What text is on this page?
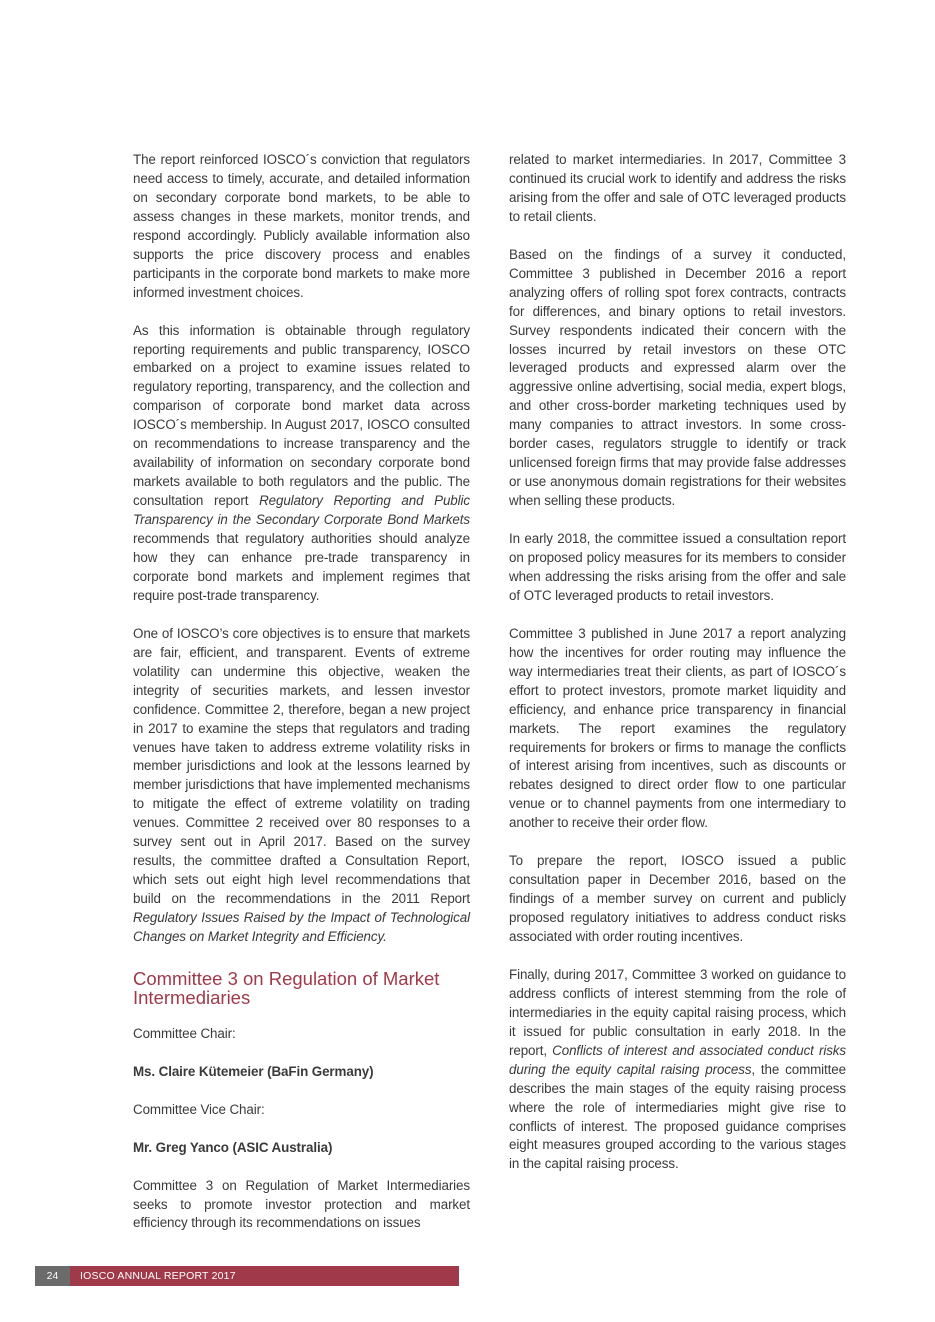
The report reinforced IOSCO´s conviction that regulators need access to timely, accurate, and detailed information on secondary corporate bond markets, to be able to assess changes in these markets, monitor trends, and respond accordingly. Publicly available information also supports the price discovery process and enables participants in the corporate bond markets to make more informed investment choices.

As this information is obtainable through regulatory reporting requirements and public transparency, IOSCO embarked on a project to examine issues related to regulatory reporting, transparency, and the collection and comparison of corporate bond market data across IOSCO´s membership. In August 2017, IOSCO consulted on recommendations to increase transparency and the availability of information on secondary corporate bond markets available to both regulators and the public. The consultation report Regulatory Reporting and Public Transparency in the Secondary Corporate Bond Markets recommends that regulatory authorities should analyze how they can enhance pre-trade transparency in corporate bond markets and implement regimes that require post-trade transparency.

One of IOSCO’s core objectives is to ensure that markets are fair, efficient, and transparent. Events of extreme volatility can undermine this objective, weaken the integrity of securities markets, and lessen investor confidence. Committee 2, therefore, began a new project in 2017 to examine the steps that regulators and trading venues have taken to address extreme volatility risks in member jurisdictions and look at the lessons learned by member jurisdictions that have implemented mechanisms to mitigate the effect of extreme volatility on trading venues. Committee 2 received over 80 responses to a survey sent out in April 2017. Based on the survey results, the committee drafted a Consultation Report, which sets out eight high level recommendations that build on the recommendations in the 2011 Report Regulatory Issues Raised by the Impact of Technological Changes on Market Integrity and Efficiency.

Committee 3 on Regulation of Market Intermediaries

Committee Chair:

Ms. Claire Kütemeier (BaFin Germany)

Committee Vice Chair:

Mr. Greg Yanco (ASIC Australia)

Committee 3 on Regulation of Market Intermediaries seeks to promote investor protection and market efficiency through its recommendations on issues

related to market intermediaries. In 2017, Committee 3 continued its crucial work to identify and address the risks arising from the offer and sale of OTC leveraged products to retail clients.

Based on the findings of a survey it conducted, Committee 3 published in December 2016 a report analyzing offers of rolling spot forex contracts, contracts for differences, and binary options to retail investors. Survey respondents indicated their concern with the losses incurred by retail investors on these OTC leveraged products and expressed alarm over the aggressive online advertising, social media, expert blogs, and other cross-border marketing techniques used by many companies to attract investors. In some cross-border cases, regulators struggle to identify or track unlicensed foreign firms that may provide false addresses or use anonymous domain registrations for their websites when selling these products.

In early 2018, the committee issued a consultation report on proposed policy measures for its members to consider when addressing the risks arising from the offer and sale of OTC leveraged products to retail investors.

Committee 3 published in June 2017 a report analyzing how the incentives for order routing may influence the way intermediaries treat their clients, as part of IOSCO´s effort to protect investors, promote market liquidity and efficiency, and enhance price transparency in financial markets. The report examines the regulatory requirements for brokers or firms to manage the conflicts of interest arising from incentives, such as discounts or rebates designed to direct order flow to one particular venue or to channel payments from one intermediary to another to receive their order flow.

To prepare the report, IOSCO issued a public consultation paper in December 2016, based on the findings of a member survey on current and publicly proposed regulatory initiatives to address conduct risks associated with order routing incentives.

Finally, during 2017, Committee 3 worked on guidance to address conflicts of interest stemming from the role of intermediaries in the equity capital raising process, which it issued for public consultation in early 2018. In the report, Conflicts of interest and associated conduct risks during the equity capital raising process, the committee describes the main stages of the equity raising process where the role of intermediaries might give rise to conflicts of interest. The proposed guidance comprises eight measures grouped according to the various stages in the capital raising process.

24	IOSCO ANNUAL REPORT 2017
